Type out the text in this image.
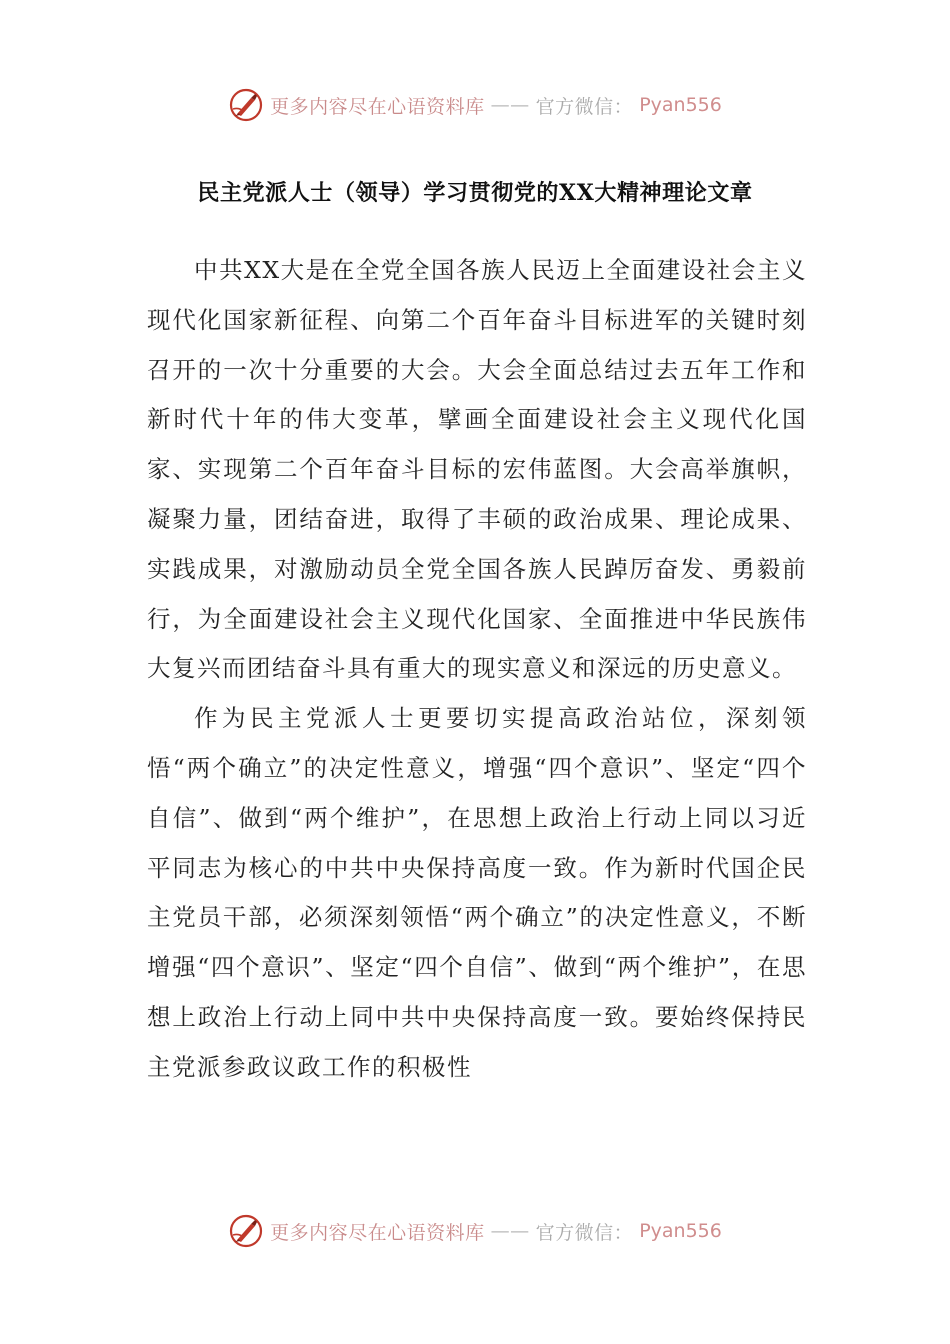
更多内容尽在心语资料库 —— 官方微信： Pyan556
民主党派人士（领导）学习贯彻党的XX大精神理论文章

中共XX大是在全党全国各族人民迈上全面建设社会主义现代化国家新征程、向第二个百年奋斗目标进军的关键时刻召开的一次十分重要的大会。大会全面总结过去五年工作和新时代十年的伟大变革，擘画全面建设社会主义现代化国家、实现第二个百年奋斗目标的宏伟蓝图。大会高举旗帜，凝聚力量，团结奋进，取得了丰硕的政治成果、理论成果、实践成果，对激励动员全党全国各族人民踔厉奋发、勇毅前行，为全面建设社会主义现代化国家、全面推进中华民族伟大复兴而团结奋斗具有重大的现实意义和深远的历史意义。

作为民主党派人士更要切实提高政治站位，深刻领悟“两个确立”的决定性意义，增强“四个意识”、坚定“四个自信”、做到“两个维护”，在思想上政治上行动上同以习近平同志为核心的中共中央保持高度一致。作为新时代国企民主党员干部，必须深刻领悟“两个确立”的决定性意义，不断增强“四个意识”、坚定“四个自信”、做到“两个维护”，在思想上政治上行动上同中共中央保持高度一致。要始终保持民主党派参政议政工作的积极性

更多内容尽在心语资料库 —— 官方微信： Pyan556
